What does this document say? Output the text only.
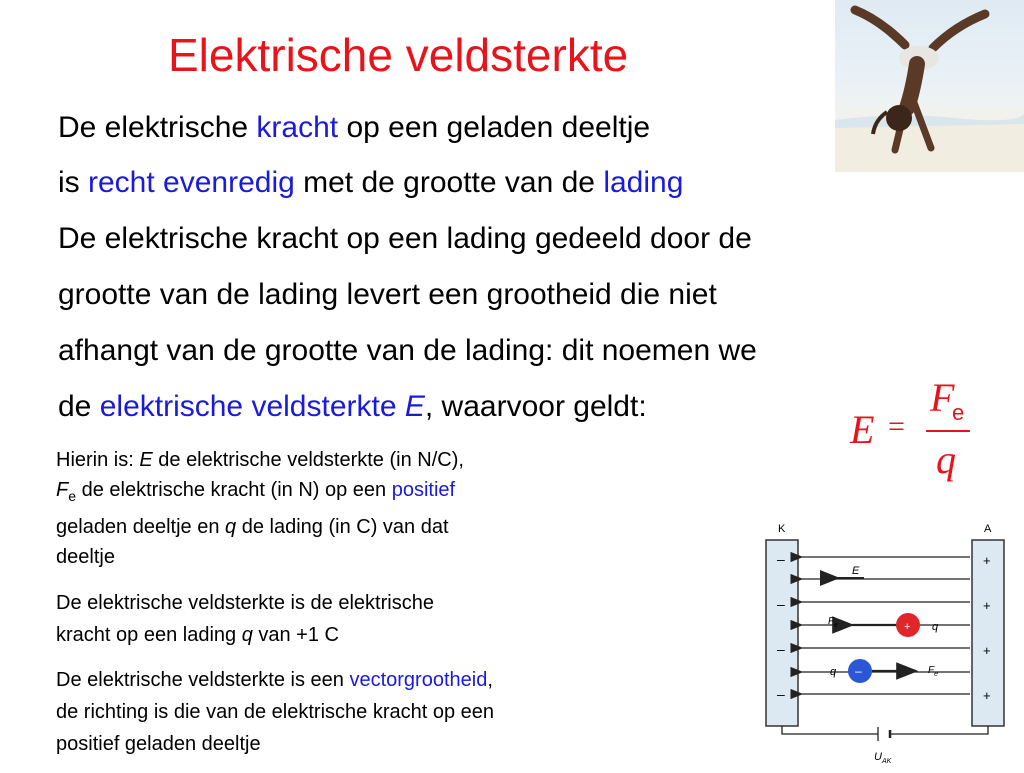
Elektrische veldsterkte
De elektrische kracht op een geladen deeltje
is recht evenredig met de grootte van de lading
De elektrische kracht op een lading gedeeld door de
grootte van de lading levert een grootheid die niet
afhangt van de grootte van de lading: dit noemen we
de elektrische veldsterkte E, waarvoor geldt:
E =
F
e
q
Hierin is: E de elektrische veldsterkte (in N/C),
$F_e$ de elektrische kracht (in N) op een positief
geladen deeltje en q de lading (in C) van dat
deeltje
De elektrische veldsterkte is de elektrische
kracht op een lading q van +1 C
De elektrische veldsterkte is een vectorgrootheid,
de richting is die van de elektrische kracht op een
positief geladen deeltje
K	A
–
–
–
–
+
+
+
+
E
+
$F_e$	q
–
q	$F_e$
$U_{AK}$
